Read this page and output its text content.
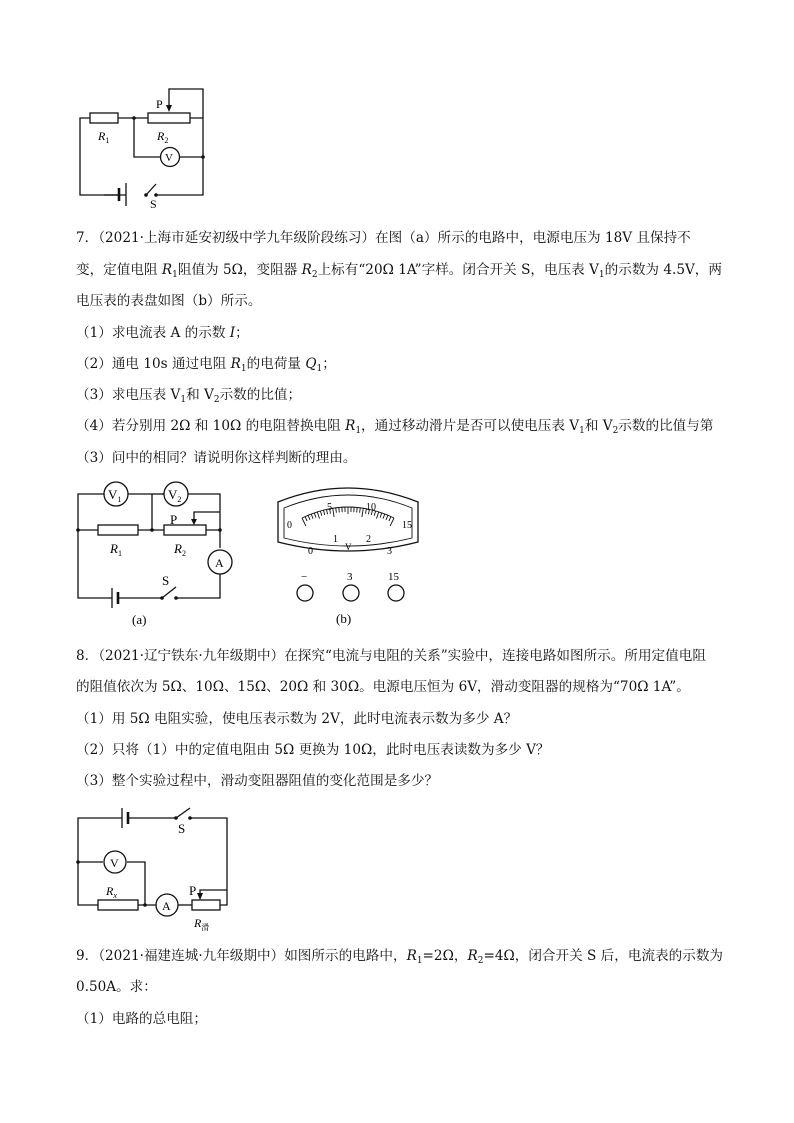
P
$R_1$	$R_2$
V
S
7．（2021·上海市延安初级中学九年级阶段练习）在图（a）所示的电路中，电源电压为 18V 且保持不
变，定值电阻 $R_1$阻值为 5Ω，变阻器 $R_2$上标有“20Ω 1A”字样。闭合开关 S，电压表 $V_1$的示数为 4.5V，两
电压表的表盘如图（b）所示。
（1）求电流表 A 的示数 I；
（2）通电 10s 通过电阻 $R_1$的电荷量 $Q_1$；
（3）求电压表 $V_1$和 $V_2$示数的比值；
（4）若分别用 2Ω 和 10Ω 的电阻替换电阻 $R_1$，通过移动滑片是否可以使电压表 $V_1$和 $V_2$示数的比值与第
（3）问中的相同？请说明你这样判断的理由。
$V_1$	$V_2$
P
$R_1$	$R_2$
A
S
(a)
0
5	10
15
0
1	2
3
V
−	3	15
(b)
8．（2021·辽宁铁东·九年级期中）在探究“电流与电阻的关系”实验中，连接电路如图所示。所用定值电阻
的阻值依次为 5Ω、10Ω、15Ω、20Ω 和 30Ω。电源电压恒为 6V，滑动变阻器的规格为“70Ω 1A”。
（1）用 5Ω 电阻实验，使电压表示数为 2V，此时电流表示数为多少 A？
（2）只将（1）中的定值电阻由 5Ω 更换为 10Ω，此时电压表读数为多少 V？
（3）整个实验过程中，滑动变阻器阻值的变化范围是多少？
S
V
$R_x$
A
P
$R_滑$
9．（2021·福建连城·九年级期中）如图所示的电路中，$R_1=2\Omega$，$R_2=4\Omega$，闭合开关 S 后，电流表的示数为
0.50A。求：
（1）电路的总电阻；
